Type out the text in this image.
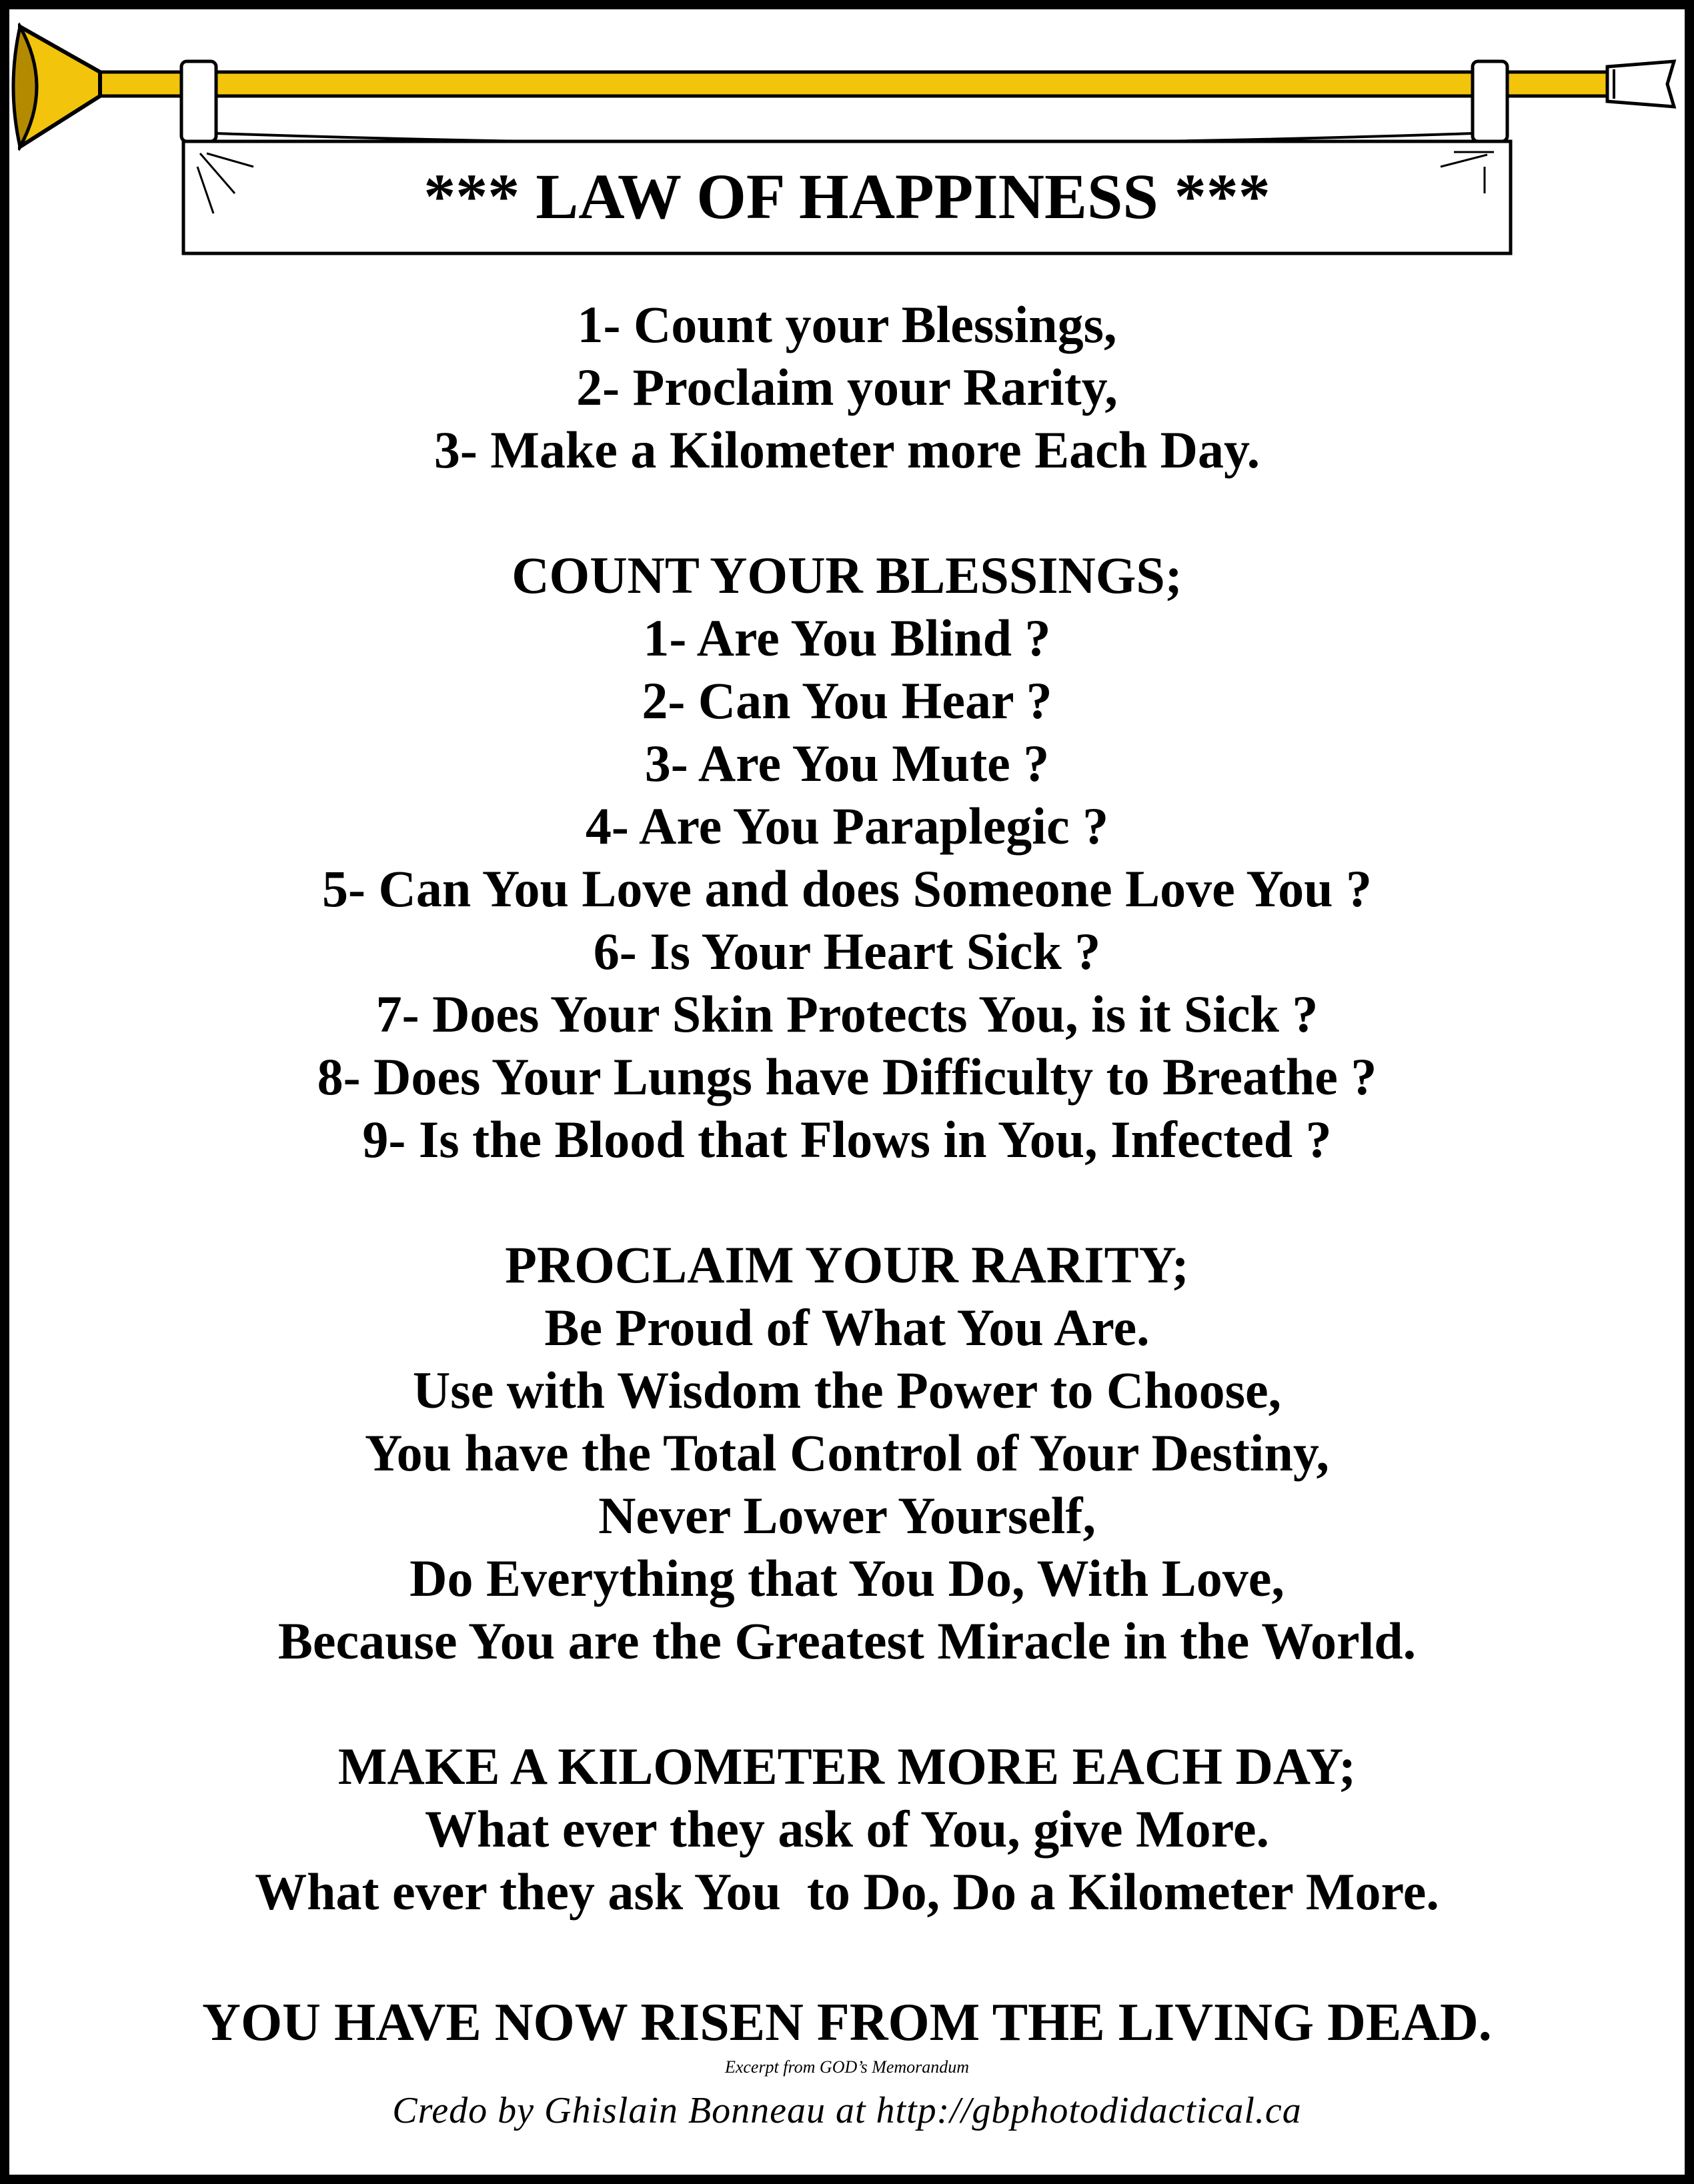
*** LAW OF HAPPINESS ***
1- Count your Blessings,
2- Proclaim your Rarity,
3- Make a Kilometer more Each Day.
COUNT YOUR BLESSINGS;
1- Are You Blind ?
2- Can You Hear ?
3- Are You Mute ?
4- Are You Paraplegic ?
5- Can You Love and does Someone Love You ?
6- Is Your Heart Sick ?
7- Does Your Skin Protects You, is it Sick ?
8- Does Your Lungs have Difficulty to Breathe ?
9- Is the Blood that Flows in You, Infected ?
PROCLAIM YOUR RARITY;
Be Proud of What You Are.
Use with Wisdom the Power to Choose,
You have the Total Control of Your Destiny,
Never Lower Yourself,
Do Everything that You Do, With Love,
Because You are the Greatest Miracle in the World.
MAKE A KILOMETER MORE EACH DAY;
What ever they ask of You, give More.
What ever they ask You  to Do, Do a Kilometer More.
YOU HAVE NOW RISEN FROM THE LIVING DEAD.
Excerpt from GOD’s Memorandum
Credo by Ghislain Bonneau at http://gbphotodidactical.ca
